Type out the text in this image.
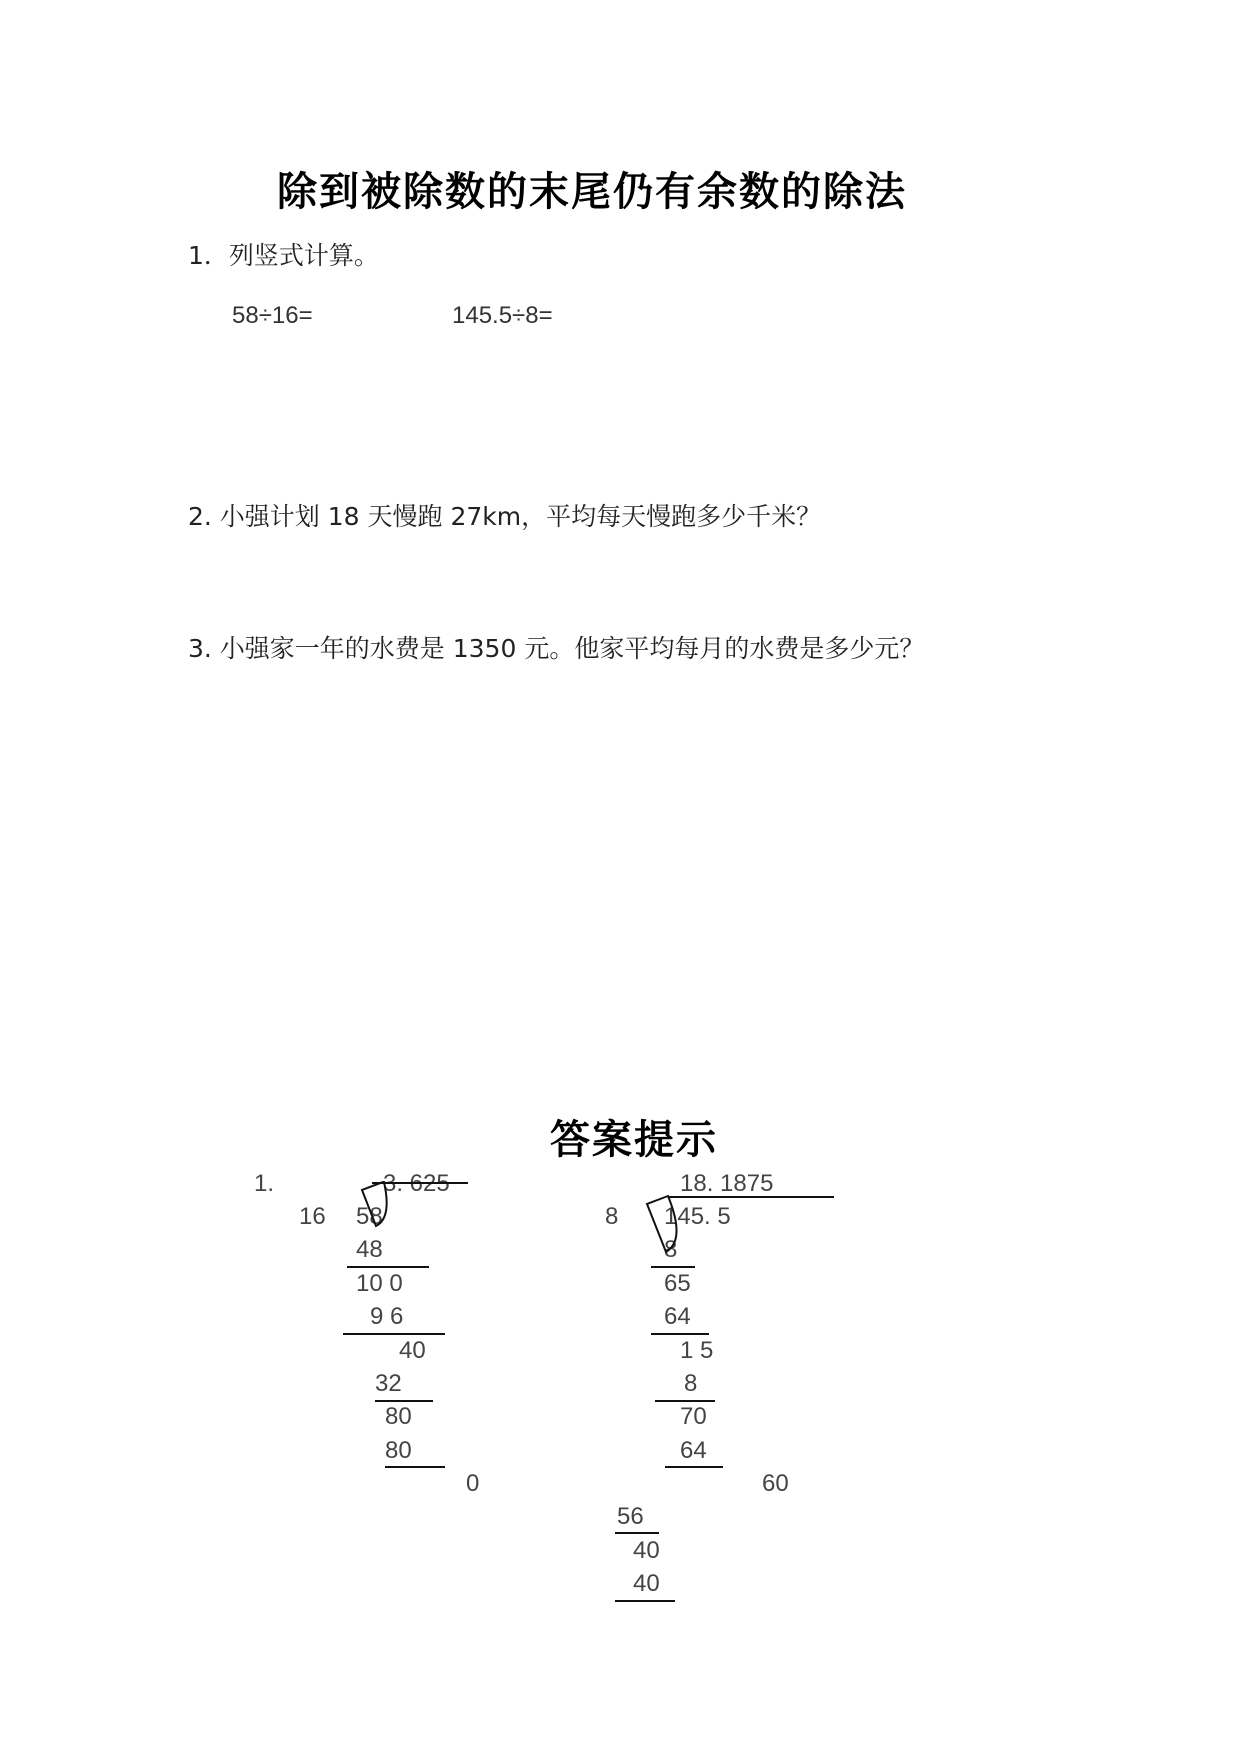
除到被除数的末尾仍有余数的除法
1．列竖式计算。
58÷16=	145.5÷8=
2. 小强计划 18 天慢跑 27km，平均每天慢跑多少千米？
3. 小强家一年的水费是 1350 元。他家平均每月的水费是多少元？
答案提示
1.	3. 625
16 58
48
10 0
9 6
40
32
80
80
0
18. 1875
8 145. 5
8
65
64
1 5
8
70
64
60
56
40
40
